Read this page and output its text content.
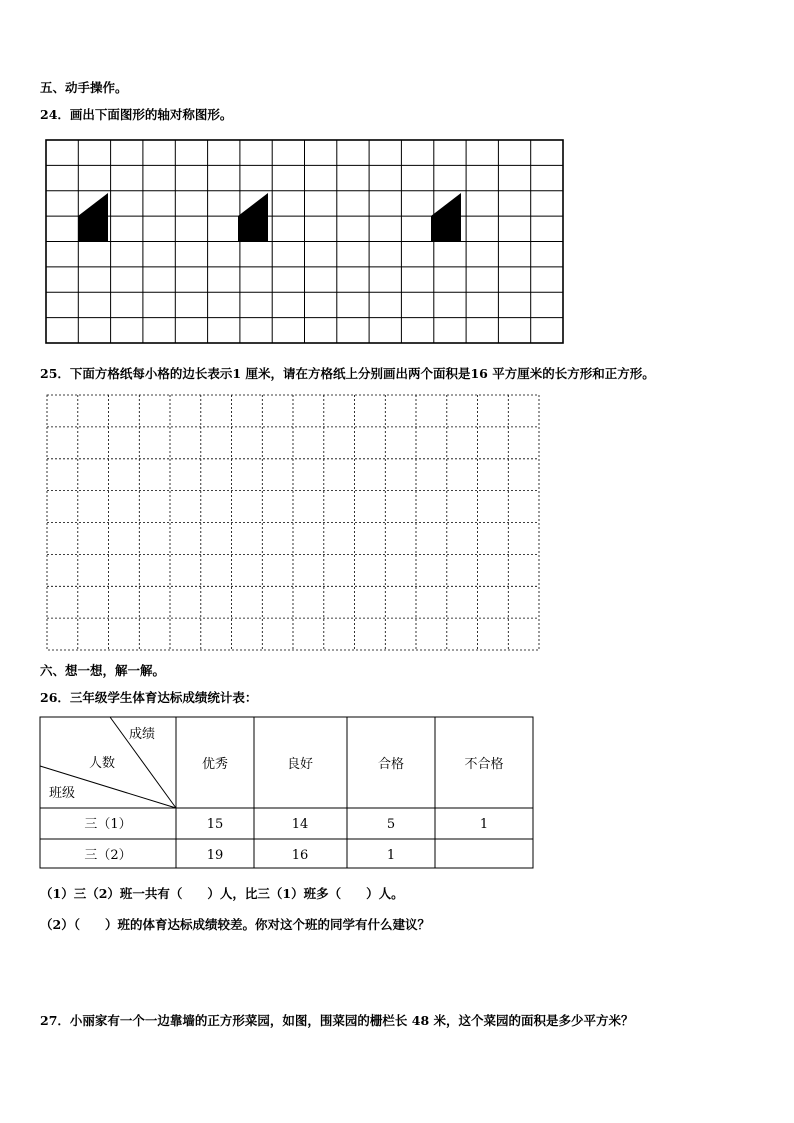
五、动手操作。
24．画出下面图形的轴对称图形。
成绩
人数
班级
优秀	良好	合格	不合格
三（1）	15	14	5	1
三（2）	19	16	1
25．下面方格纸每小格的边长表示1 厘米，请在方格纸上分别画出两个面积是16 平方厘米的长方形和正方形。
六、想一想，解一解。
26．三年级学生体育达标成绩统计表：
（1）三（2）班一共有（　　）人，比三（1）班多（　　）人。
（2）（　　）班的体育达标成绩较差。你对这个班的同学有什么建议？
27．小丽家有一个一边靠墙的正方形菜园，如图，围菜园的栅栏长 48 米，这个菜园的面积是多少平方米？
